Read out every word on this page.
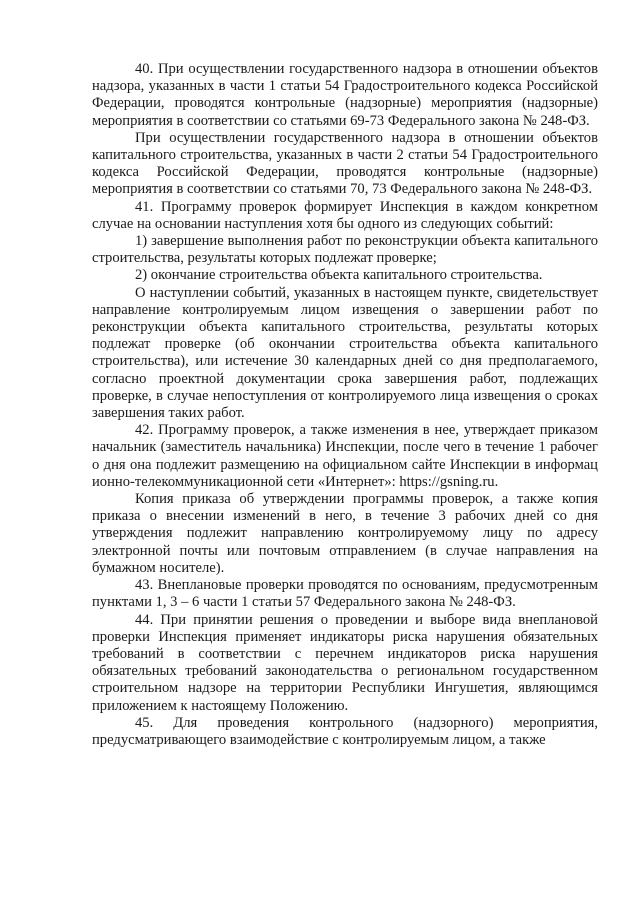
40. При осуществлении государственного надзора в отношении объектов надзора, указанных в части 1 статьи 54 Градостроительного кодекса Российской Федерации, проводятся контрольные (надзорные) мероприятия (надзорные) мероприятия в соответствии со статьями 69-73 Федерального закона № 248-ФЗ.

При осуществлении государственного надзора в отношении объектов капитального строительства, указанных в части 2 статьи 54 Градостроительного кодекса Российской Федерации, проводятся контрольные (надзорные) мероприятия в соответствии со статьями 70, 73 Федерального закона № 248-ФЗ.

41. Программу проверок формирует Инспекция в каждом конкретном случае на основании наступления хотя бы одного из следующих событий:

1) завершение выполнения работ по реконструкции объекта капитального строительства, результаты которых подлежат проверке;

2) окончание строительства объекта капитального строительства.

О наступлении событий, указанных в настоящем пункте, свидетельствует направление контролируемым лицом извещения о завершении работ по реконструкции объекта капитального строительства, результаты которых подлежат проверке (об окончании строительства объекта капитального строительства), или истечение 30 календарных дней со дня предполагаемого, согласно проектной документации срока завершения работ, подлежащих проверке, в случае непоступления от контролируемого лица извещения о сроках завершения таких работ.

42. Программу проверок, а также изменения в нее, утверждает приказом начальник (заместитель начальника) Инспекции, после чего в течение 1 рабочего дня она подлежит размещению на официальном сайте Инспекции в информационно-телекоммуникационной сети «Интернет»: https://gsning.ru.

Копия приказа об утверждении программы проверок, а также копия приказа о внесении изменений в него, в течение 3 рабочих дней со дня утверждения подлежит направлению контролируемому лицу по адресу электронной почты или почтовым отправлением (в случае направления на бумажном носителе).

43. Внеплановые проверки проводятся по основаниям, предусмотренным пунктами 1, 3 – 6 части 1 статьи 57 Федерального закона № 248-ФЗ.

44. При принятии решения о проведении и выборе вида внеплановой проверки Инспекция применяет индикаторы риска нарушения обязательных требований в соответствии с перечнем индикаторов риска нарушения обязательных требований законодательства о региональном государственном строительном надзоре на территории Республики Ингушетия, являющимся приложением к настоящему Положению.

45. Для проведения контрольного (надзорного) мероприятия, предусматривающего взаимодействие с контролируемым лицом, а также
